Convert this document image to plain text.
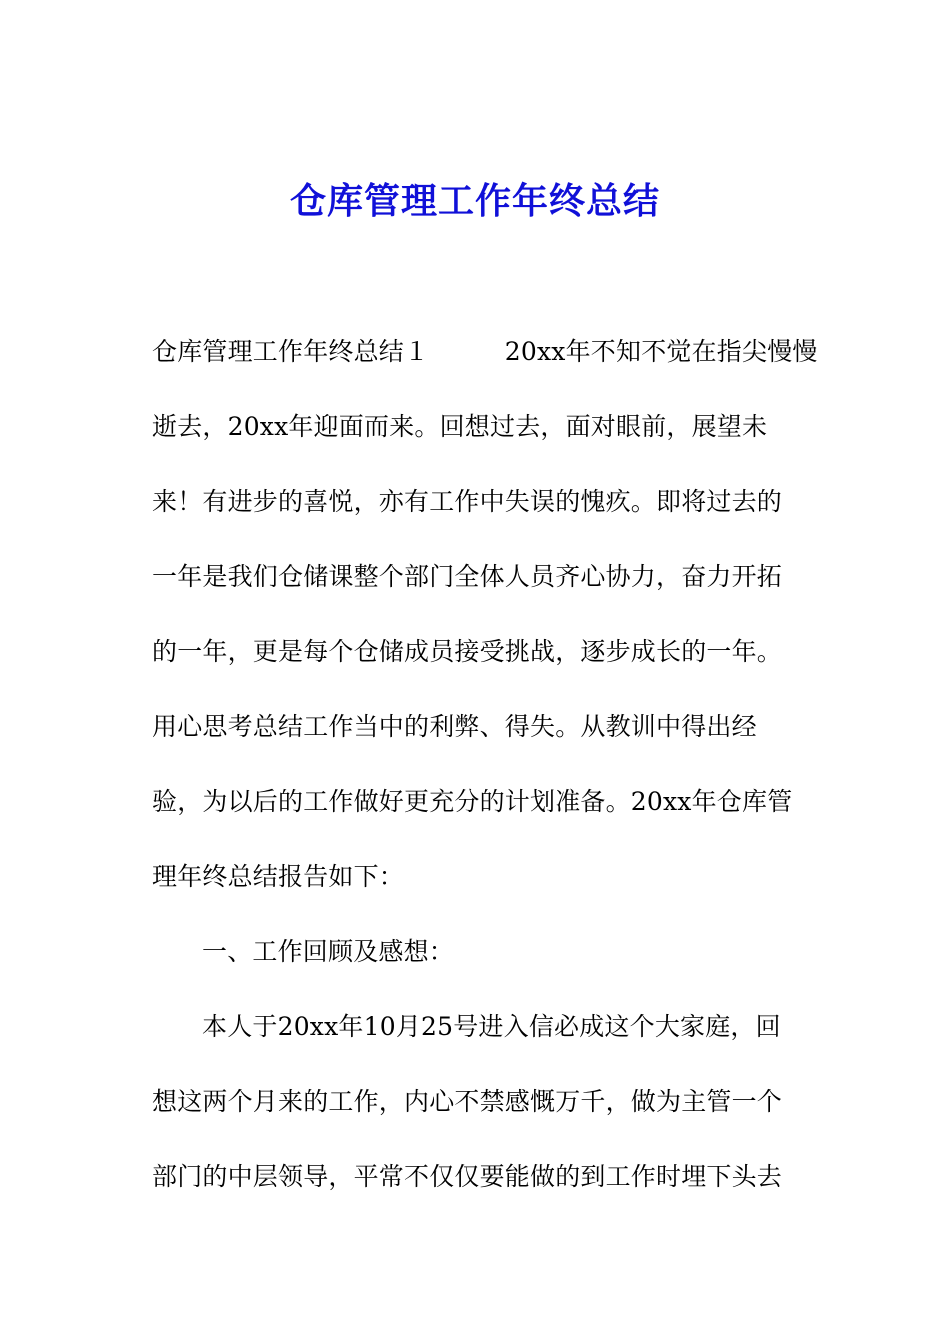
仓库管理工作年终总结
仓库管理工作年终总结１　　　20xx年不知不觉在指尖慢慢
逝去，20xx年迎面而来。回想过去，面对眼前，展望未
来！有进步的喜悦，亦有工作中失误的愧疚。即将过去的
一年是我们仓储课整个部门全体人员齐心协力，奋力开拓
的一年，更是每个仓储成员接受挑战，逐步成长的一年。
用心思考总结工作当中的利弊、得失。从教训中得出经
验，为以后的工作做好更充分的计划准备。20xx年仓库管
理年终总结报告如下：
一、工作回顾及感想：
本人于20xx年10月25号进入信必成这个大家庭，回
想这两个月来的工作，内心不禁感慨万千，做为主管一个
部门的中层领导，平常不仅仅要能做的到工作时埋下头去
